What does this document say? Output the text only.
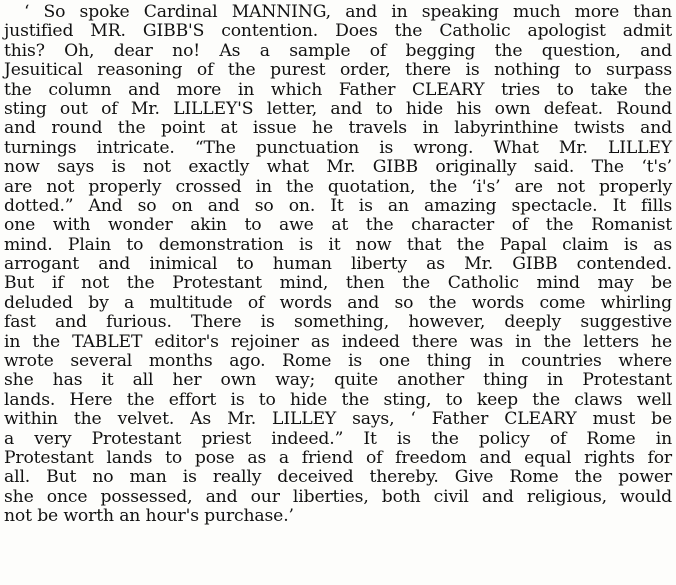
‘ So spoke Cardinal MANNING, and in speaking much more than
justified MR. GIBB'S contention. Does the Catholic apologist admit
this? Oh, dear no! As a sample of begging the question, and
Jesuitical reasoning of the purest order, there is nothing to surpass
the column and more in which Father CLEARY tries to take the
sting out of Mr. LILLEY'S letter, and to hide his own defeat. Round
and round the point at issue he travels in labyrinthine twists and
turnings intricate. “The punctuation is wrong. What Mr. LILLEY
now says is not exactly what Mr. GIBB originally said. The ‘t's’
are not properly crossed in the quotation, the ‘i's’ are not properly
dotted.” And so on and so on. It is an amazing spectacle. It fills
one with wonder akin to awe at the character of the Romanist
mind. Plain to demonstration is it now that the Papal claim is as
arrogant and inimical to human liberty as Mr. GIBB contended.
But if not the Protestant mind, then the Catholic mind may be
deluded by a multitude of words and so the words come whirling
fast and furious. There is something, however, deeply suggestive
in the TABLET editor's rejoiner as indeed there was in the letters he
wrote several months ago. Rome is one thing in countries where
she has it all her own way; quite another thing in Protestant
lands. Here the effort is to hide the sting, to keep the claws well
within the velvet. As Mr. LILLEY says, ‘ Father CLEARY must be
a very Protestant priest indeed.” It is the policy of Rome in
Protestant lands to pose as a friend of freedom and equal rights for
all. But no man is really deceived thereby. Give Rome the power
she once possessed, and our liberties, both civil and religious, would
not be worth an hour's purchase.’
